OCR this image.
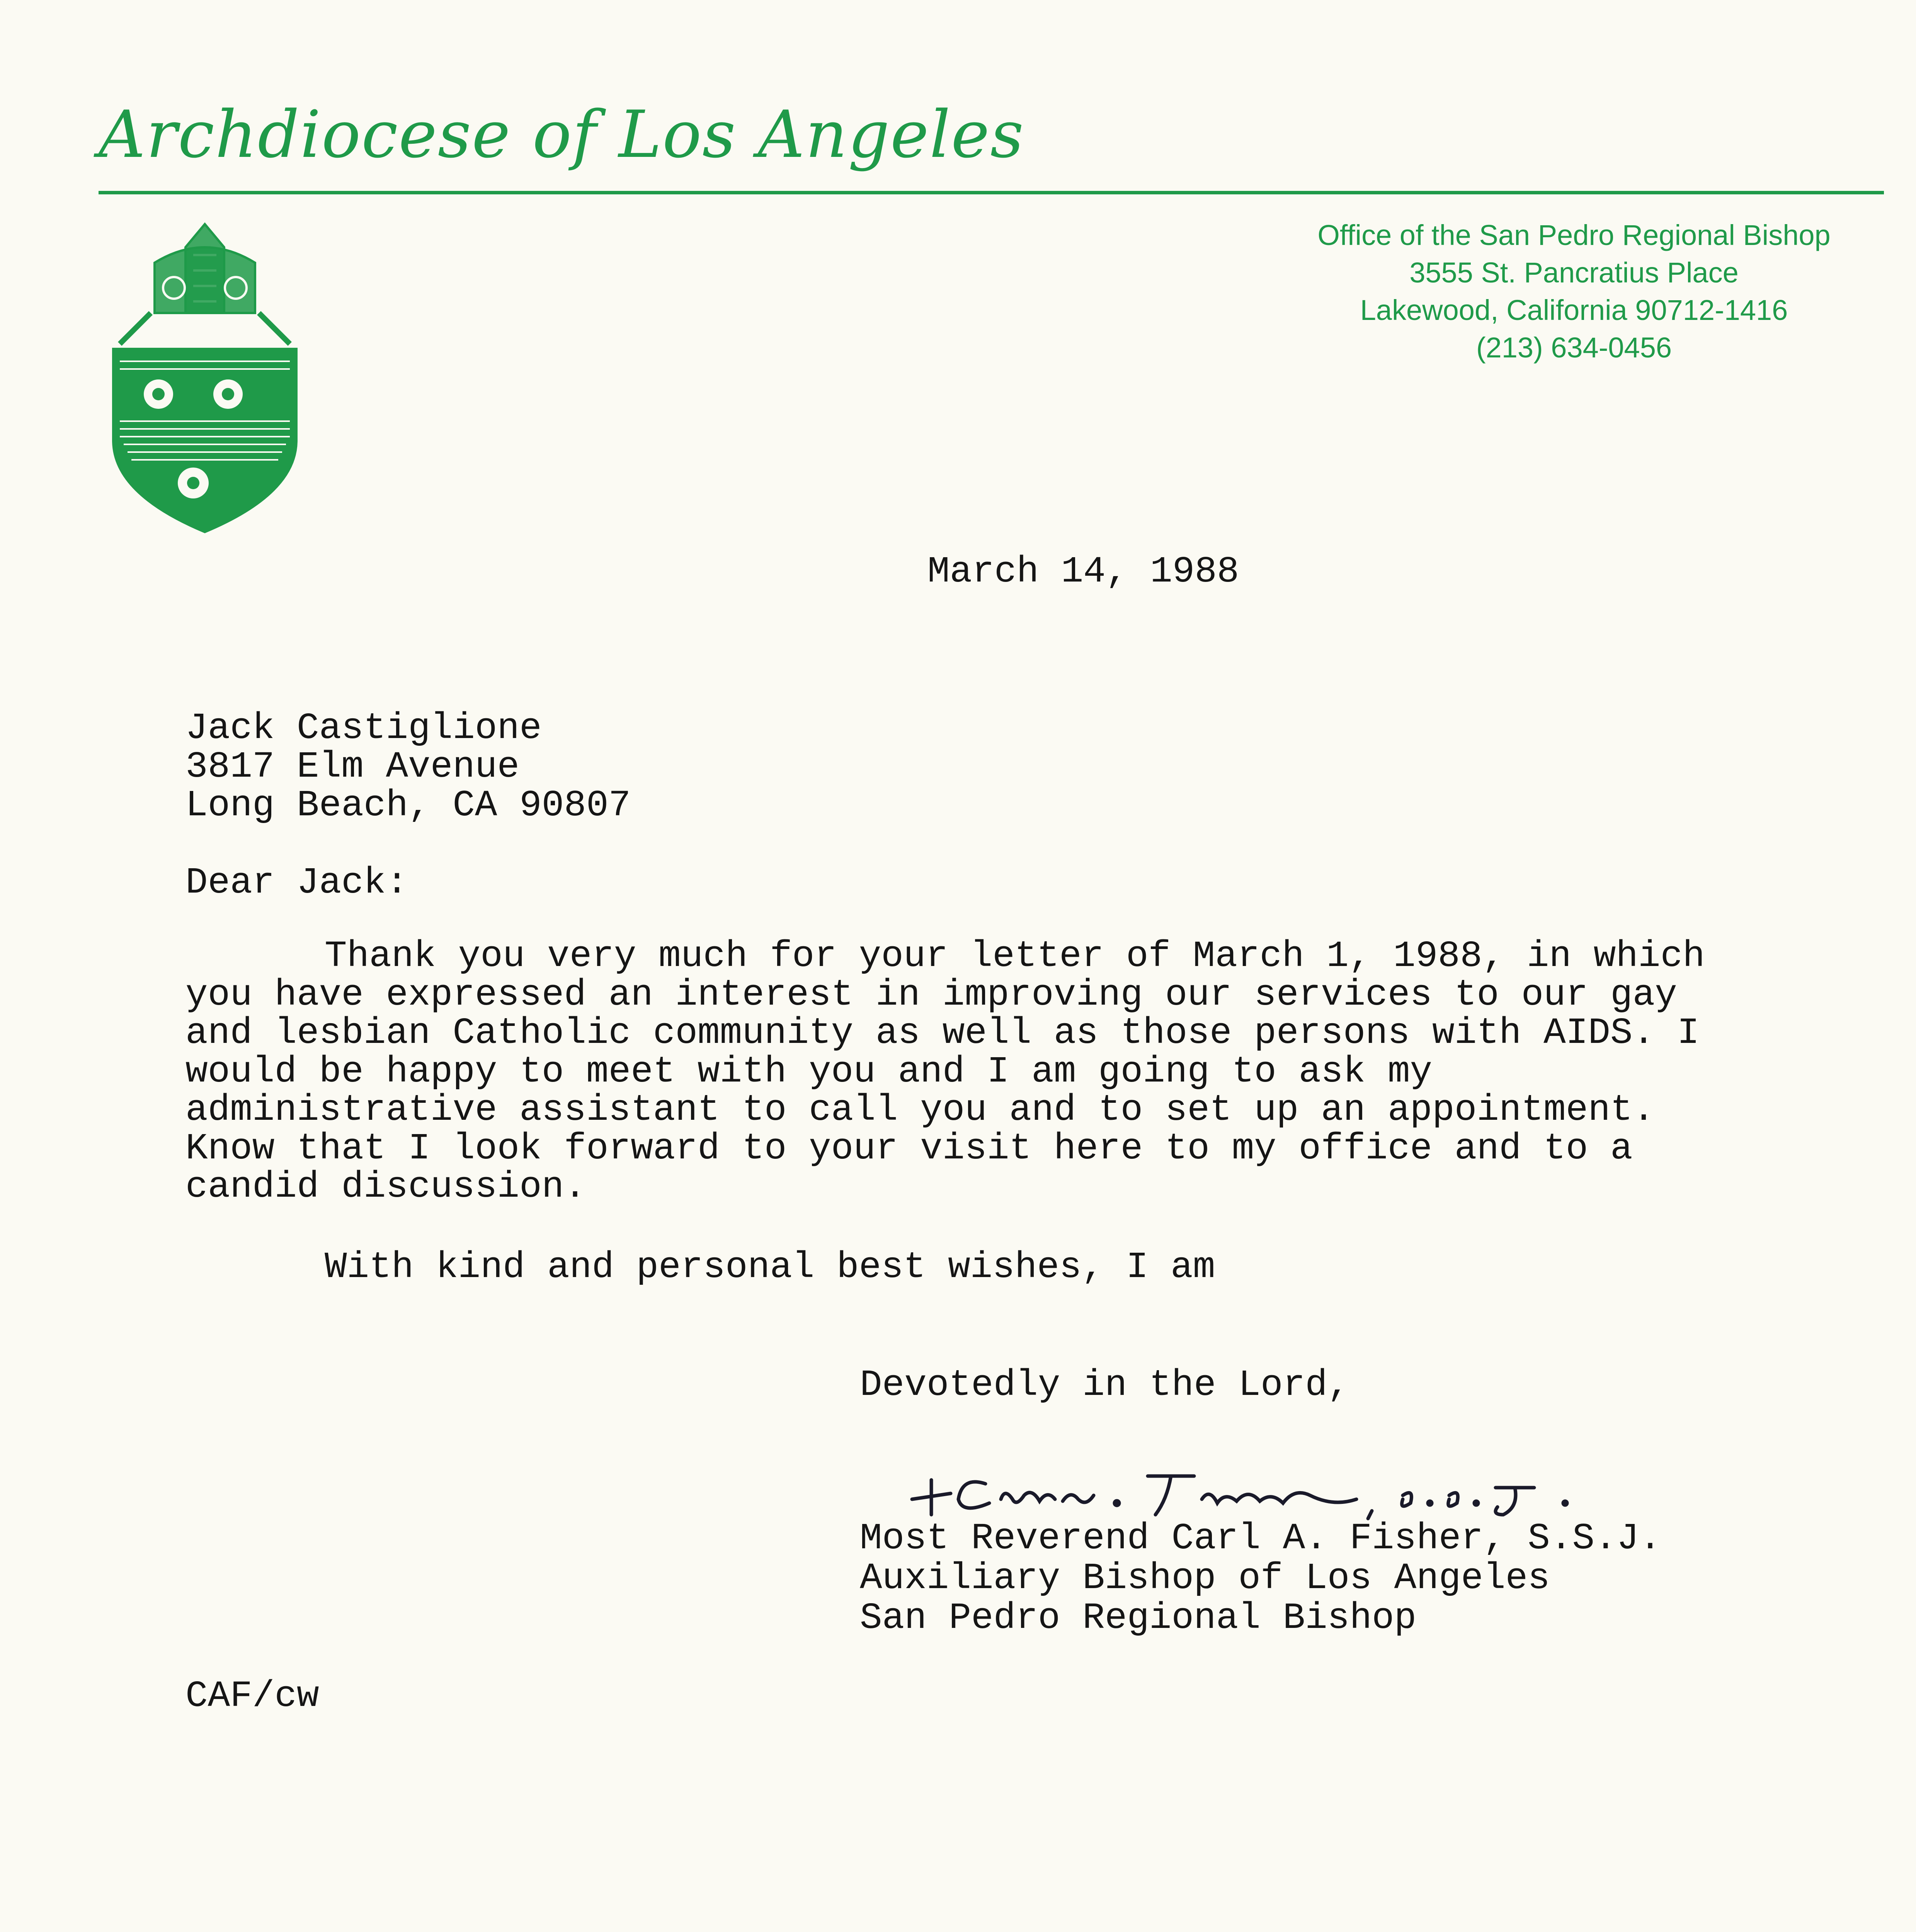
Archdiocese of Los Angeles
Office of the San Pedro Regional Bishop
3555 St. Pancratius Place
Lakewood, California 90712-1416
(213) 634-0456
March 14, 1988
Jack Castiglione
3817 Elm Avenue
Long Beach, CA 90807
Dear Jack:
Thank you very much for your letter of March 1, 1988, in which you have expressed an interest in improving our services to our gay and lesbian Catholic community as well as those persons with AIDS. I would be happy to meet with you and I am going to ask my administrative assistant to call you and to set up an appointment. Know that I look forward to your visit here to my office and to a candid discussion.
With kind and personal best wishes, I am
Devotedly in the Lord,
Most Reverend Carl A. Fisher, S.S.J.
Auxiliary Bishop of Los Angeles
San Pedro Regional Bishop
CAF/cw
